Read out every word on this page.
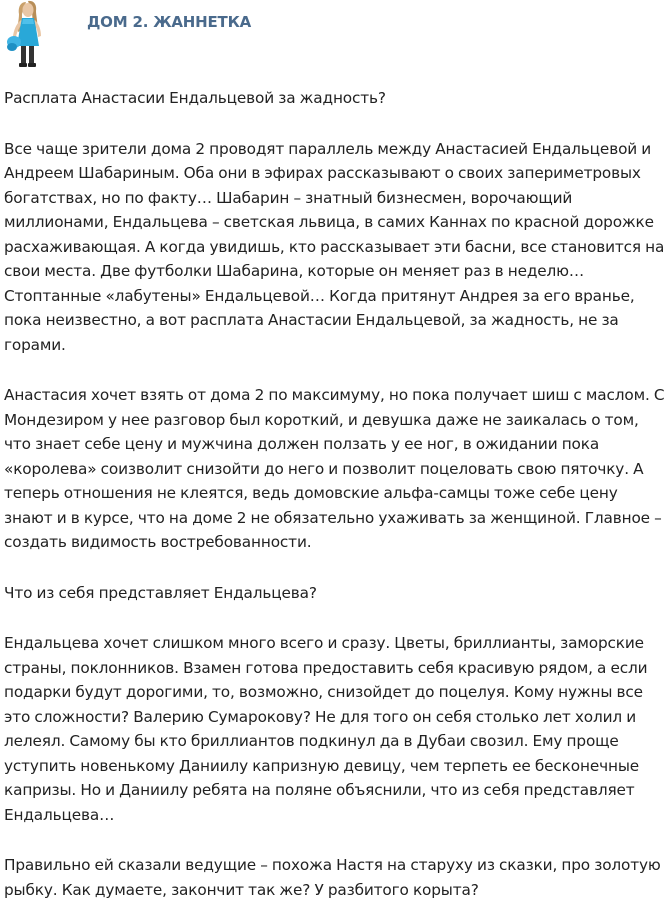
ДОМ 2. ЖАННЕТКА

Расплата Анастасии Ендальцевой за жадность?

Все чаще зрители дома 2 проводят параллель между Анастасией Ендальцевой и Андреем Шабариным. Оба они в эфирах рассказывают о своих запериметровых богатствах, но по факту… Шабарин – знатный бизнесмен, ворочающий миллионами, Ендальцева – светская львица, в самих Каннах по красной дорожке расхаживающая. А когда увидишь, кто рассказывает эти басни, все становится на свои места. Две футболки Шабарина, которые он меняет раз в неделю… Стоптанные «лабутены» Ендальцевой… Когда притянут Андрея за его вранье, пока неизвестно, а вот расплата Анастасии Ендальцевой, за жадность, не за горами.

Анастасия хочет взять от дома 2 по максимуму, но пока получает шиш с маслом. С Мондезиром у нее разговор был короткий, и девушка даже не заикалась о том, что знает себе цену и мужчина должен ползать у ее ног, в ожидании пока «королева» соизволит снизойти до него и позволит поцеловать свою пяточку. А теперь отношения не клеятся, ведь домовские альфа-самцы тоже себе цену знают и в курсе, что на доме 2 не обязательно ухаживать за женщиной. Главное – создать видимость востребованности.

Что из себя представляет Ендальцева?

Ендальцева хочет слишком много всего и сразу. Цветы, бриллианты, заморские страны, поклонников. Взамен готова предоставить себя красивую рядом, а если подарки будут дорогими, то, возможно, снизойдет до поцелуя. Кому нужны все это сложности? Валерию Сумарокову? Не для того он себя столько лет холил и лелеял. Самому бы кто бриллиантов подкинул да в Дубаи свозил. Ему проще уступить новенькому Даниилу капризную девицу, чем терпеть ее бесконечные капризы. Но и Даниилу ребята на поляне объяснили, что из себя представляет Ендальцева…

Правильно ей сказали ведущие – похожа Настя на старуху из сказки, про золотую рыбку. Как думаете, закончит так же? У разбитого корыта?
